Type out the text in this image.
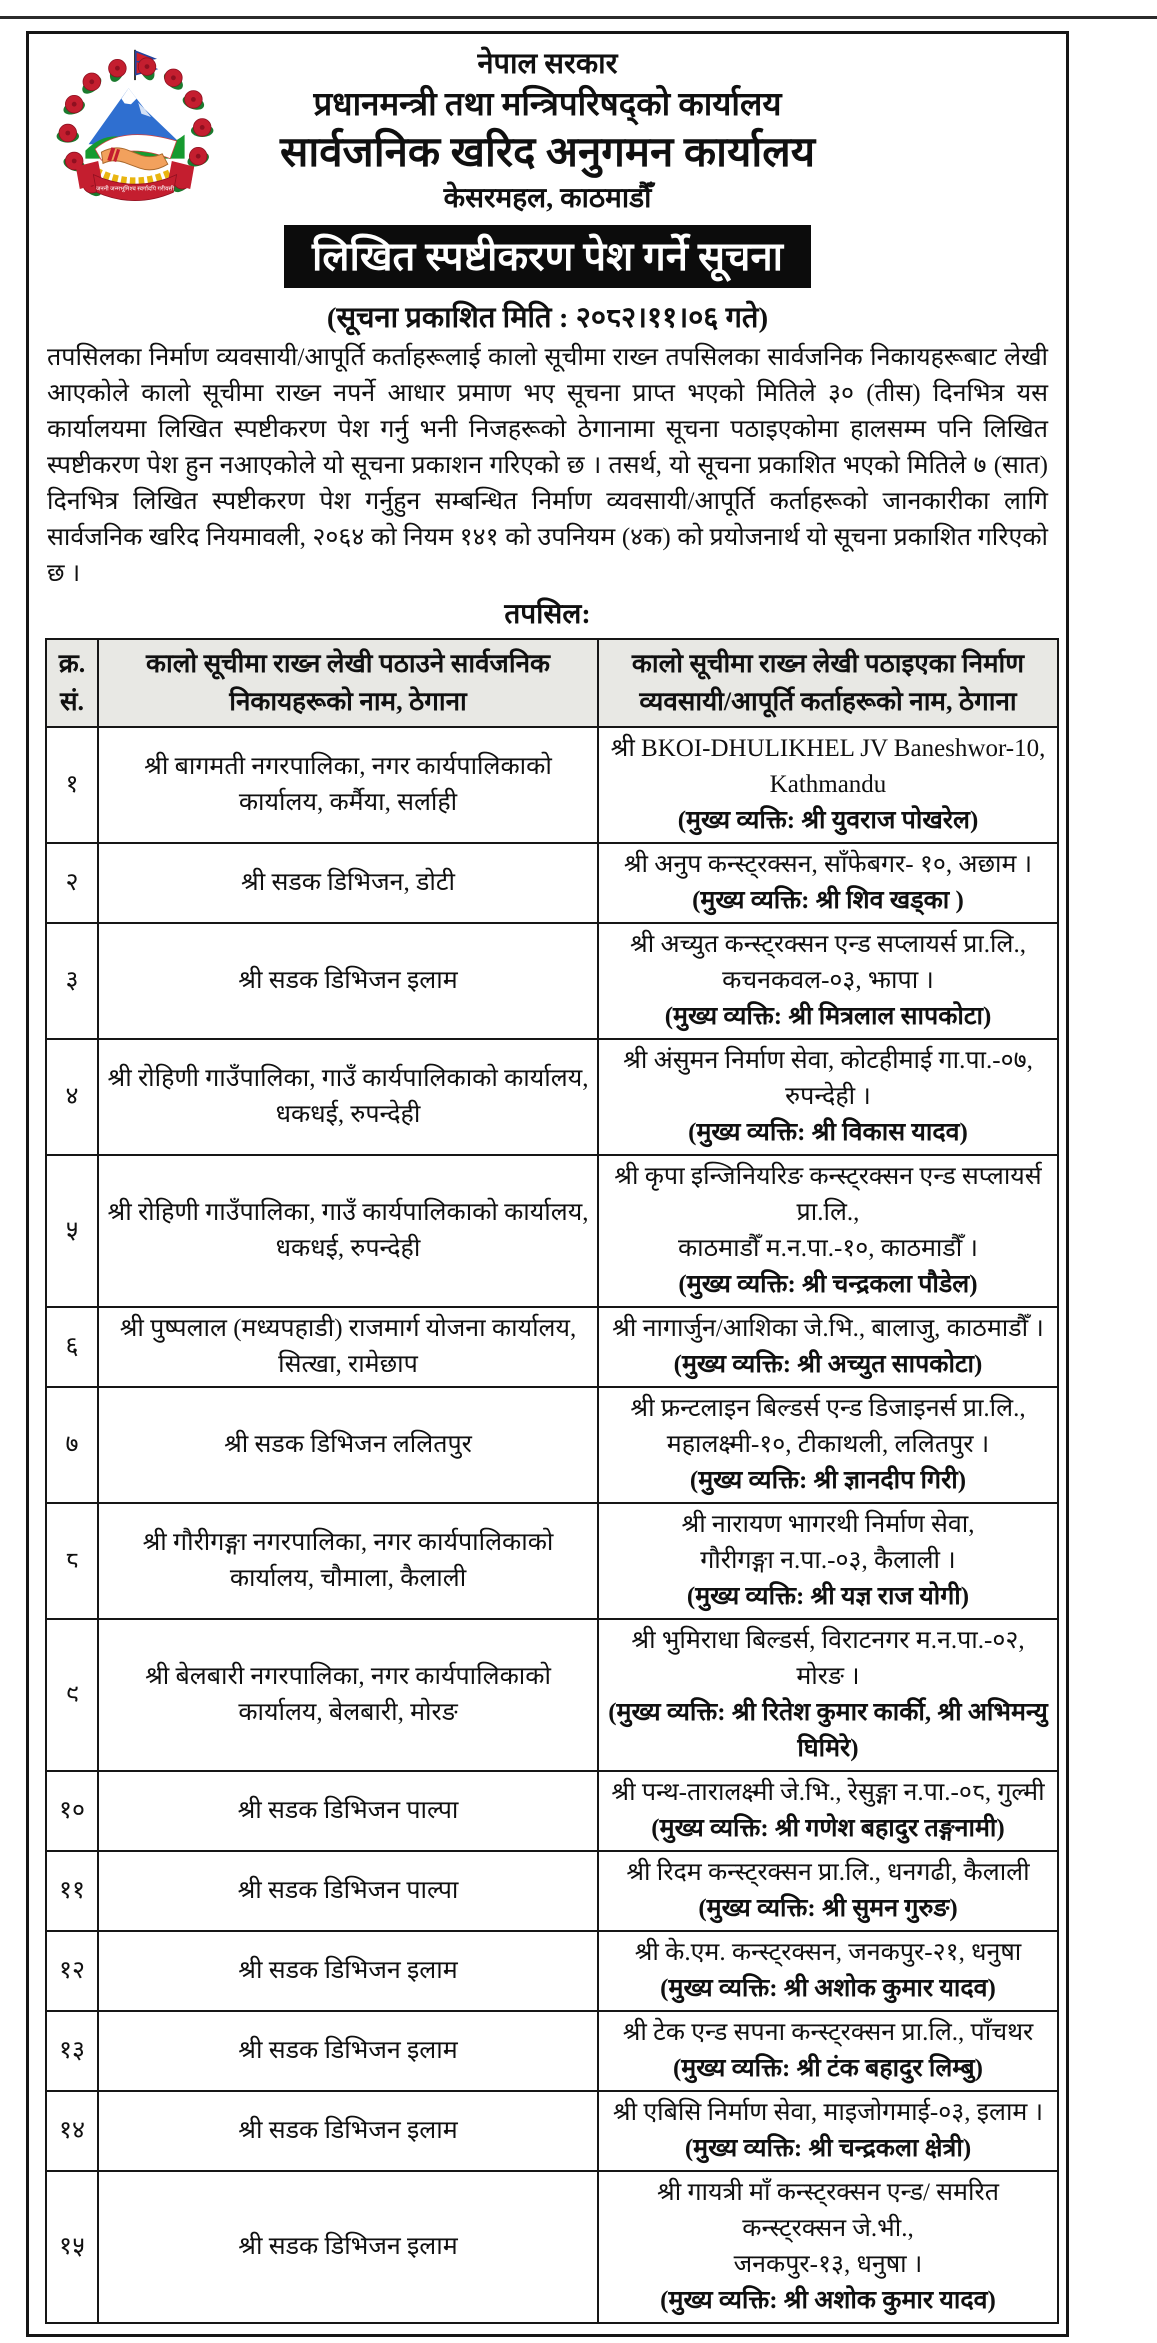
जननी जन्मभूमिश्च स्वर्गादपि गरीयसी
नेपाल सरकार
प्रधानमन्त्री तथा मन्त्रिपरिषद्‍को कार्यालय
सार्वजनिक खरिद अनुगमन कार्यालय
केसरमहल, काठमाडौँ
लिखित स्पष्टीकरण पेश गर्ने सूचना
(सूचना प्रकाशित मिति : २०८२।११।०६ गते)

तपसिलका निर्माण व्यवसायी/आपूर्ति कर्ताहरूलाई कालो सूचीमा राख्न तपसिलका सार्वजनिक निकायहरूबाट लेखी आएकोले कालो सूचीमा राख्न नपर्ने आधार प्रमाण भए सूचना प्राप्त भएको मितिले ३० (तीस) दिनभित्र यस कार्यालयमा लिखित स्पष्टीकरण पेश गर्नु भनी निजहरूको ठेगानामा सूचना पठाइएकोमा हालसम्म पनि लिखित स्पष्टीकरण पेश हुन नआएकोले यो सूचना प्रकाशन गरिएको छ । तसर्थ, यो सूचना प्रकाशित भएको मितिले ७ (सात) दिनभित्र लिखित स्पष्टीकरण पेश गर्नुहुन सम्बन्धित निर्माण व्यवसायी/आपूर्ति कर्ताहरूको जानकारीका लागि सार्वजनिक खरिद नियमावली, २०६४ को नियम १४१ को उपनियम (४क) को प्रयोजनार्थ यो सूचना प्रकाशित गरिएको छ ।

तपसिल:
क्र.
सं.	कालो सूचीमा राख्न लेखी पठाउने सार्वजनिक निकायहरूको नाम, ठेगाना	कालो सूचीमा राख्न लेखी पठाइएका निर्माण व्यवसायी/आपूर्ति कर्ताहरूको नाम, ठेगाना
१	श्री बागमती नगरपालिका, नगर कार्यपालिकाको कार्यालय, कर्मैया, सर्लाही	श्री BKOI-DHULIKHEL JV Baneshwor-10, Kathmandu
(मुख्य व्यक्ति: श्री युवराज पोखरेल)

२	श्री सडक डिभिजन, डोटी	श्री अनुप कन्स्ट्रक्सन, साँफेबगर- १०, अछाम ।
(मुख्य व्यक्ति: श्री शिव खड्का )

३	श्री सडक डिभिजन इलाम	श्री अच्युत कन्स्ट्रक्सन एन्ड सप्लायर्स प्रा.लि., कचनकवल-०३, झापा ।
(मुख्य व्यक्ति: श्री मित्रलाल सापकोटा)

४	श्री रोहिणी गाउँपालिका, गाउँ कार्यपालिकाको कार्यालय, धकधई, रुपन्देही	श्री अंसुमन निर्माण सेवा, कोटहीमाई गा.पा.-०७, रुपन्देही ।
(मुख्य व्यक्ति: श्री विकास यादव)

५	श्री रोहिणी गाउँपालिका, गाउँ कार्यपालिकाको कार्यालय, धकधई, रुपन्देही	श्री कृपा इन्जिनियरिङ कन्स्ट्रक्सन एन्ड सप्लायर्स प्रा.लि.,
काठमाडौँ म.न.पा.-१०, काठमाडौँ ।
(मुख्य व्यक्ति: श्री चन्द्रकला पौडेल)

६	श्री पुष्पलाल (मध्यपहाडी) राजमार्ग योजना कार्यालय, सित्खा, रामेछाप	श्री नागार्जुन/आशिका जे.भि., बालाजु, काठमाडौँ ।
(मुख्य व्यक्ति: श्री अच्युत सापकोटा)

७	श्री सडक डिभिजन ललितपुर	श्री फ्रन्टलाइन बिल्डर्स एन्ड डिजाइनर्स प्रा.लि.,
महालक्ष्मी-१०, टीकाथली, ललितपुर ।
(मुख्य व्यक्ति: श्री ज्ञानदीप गिरी)

८	श्री गौरीगङ्गा नगरपालिका, नगर कार्यपालिकाको कार्यालय, चौमाला, कैलाली	श्री नारायण भागरथी निर्माण सेवा,
गौरीगङ्गा न.पा.-०३, कैलाली ।
(मुख्य व्यक्ति: श्री यज्ञ राज योगी)

९	श्री बेलबारी नगरपालिका, नगर कार्यपालिकाको कार्यालय, बेलबारी, मोरङ	श्री भुमिराधा बिल्डर्स, विराटनगर म.न.पा.-०२, मोरङ ।
(मुख्य व्यक्ति: श्री रितेश कुमार कार्की, श्री अभिमन्यु घिमिरे)

१०	श्री सडक डिभिजन पाल्पा	श्री पन्थ-तारालक्ष्मी जे.भि., रेसुङ्गा न.पा.-०८, गुल्मी
(मुख्य व्यक्ति: श्री गणेश बहादुर तङ्गनामी)

११	श्री सडक डिभिजन पाल्पा	श्री रिदम कन्स्ट्रक्सन प्रा.लि., धनगढी, कैलाली
(मुख्य व्यक्ति: श्री सुमन गुरुङ)

१२	श्री सडक डिभिजन इलाम	श्री के.एम. कन्स्ट्रक्सन, जनकपुर-२१, धनुषा
(मुख्य व्यक्ति: श्री अशोक कुमार यादव)

१३	श्री सडक डिभिजन इलाम	श्री टेक एन्ड सपना कन्स्ट्रक्सन प्रा.लि., पाँचथर
(मुख्य व्यक्ति: श्री टंक बहादुर लिम्बु)

१४	श्री सडक डिभिजन इलाम	श्री एबिसि निर्माण सेवा, माइजोगमाई-०३, इलाम ।
(मुख्य व्यक्ति: श्री चन्द्रकला क्षेत्री)

१५	श्री सडक डिभिजन इलाम	श्री गायत्री माँ कन्स्ट्रक्सन एन्ड/ समरित कन्स्ट्रक्सन जे.भी.,
जनकपुर-१३, धनुषा ।
(मुख्य व्यक्ति: श्री अशोक कुमार यादव)
